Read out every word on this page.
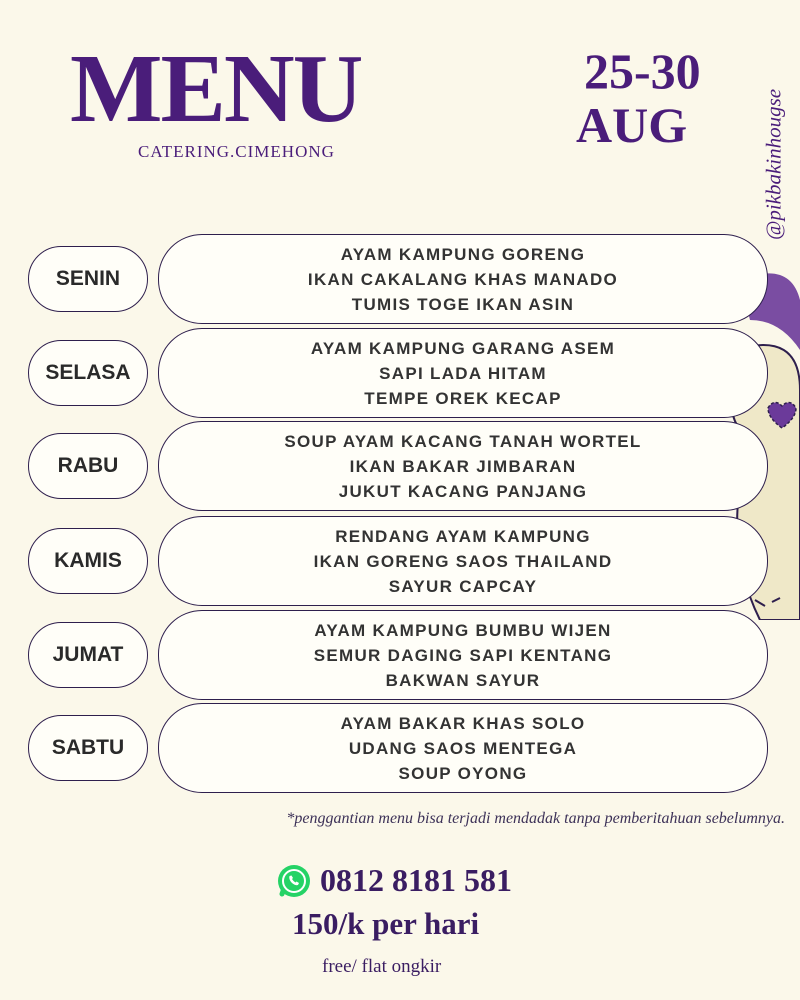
MENU
CATERING.CIMEHONG
25-30
AUG	@pikbakinhougse
SENIN
AYAM KAMPUNG GORENG
IKAN CAKALANG KHAS MANADO
TUMIS TOGE IKAN ASIN
SELASA
AYAM KAMPUNG GARANG ASEM
SAPI LADA HITAM
TEMPE OREK KECAP
RABU
SOUP AYAM KACANG TANAH WORTEL
IKAN BAKAR JIMBARAN
JUKUT KACANG PANJANG
KAMIS
RENDANG AYAM KAMPUNG
IKAN GORENG SAOS THAILAND
SAYUR CAPCAY
JUMAT
AYAM KAMPUNG BUMBU WIJEN
SEMUR DAGING SAPI KENTANG
BAKWAN SAYUR
SABTU
AYAM BAKAR KHAS SOLO
UDANG SAOS MENTEGA
SOUP OYONG
*penggantian menu bisa terjadi mendadak tanpa pemberitahuan sebelumnya.
0812 8181 581
150/k per hari
free/ flat ongkir
